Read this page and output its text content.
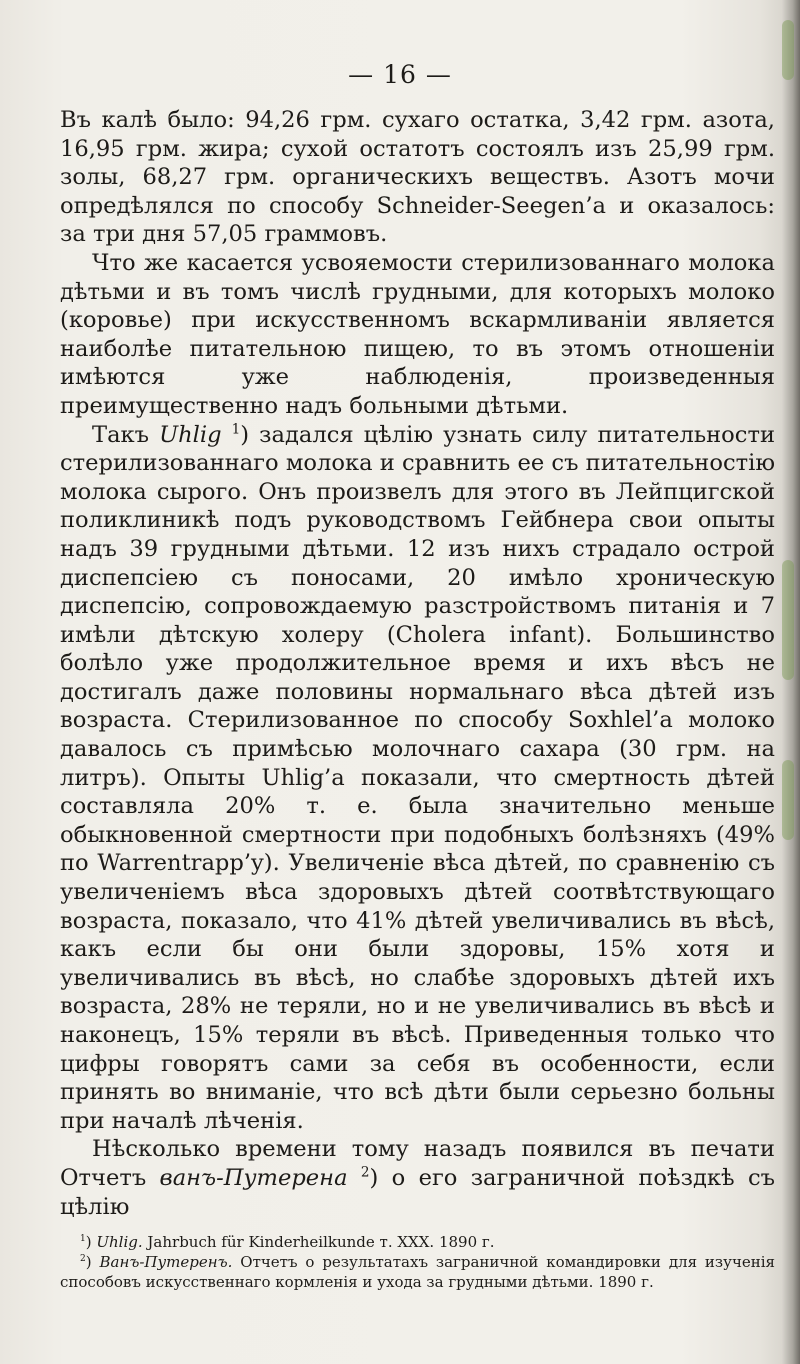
— 16 —

Въ калѣ было: 94,26 грм. сухаго остатка, 3,42 грм. азота, 16,95 грм. жира; сухой остатотъ состоялъ изъ 25,99 грм. золы, 68,27 грм. органическихъ веществъ. Азотъ мочи опредѣлялся по способу Schneider-Seegen’a и оказалось: за три дня 57,05 граммовъ.

Что же касается усвояемости стерилизованнаго молока дѣтьми и въ томъ числѣ грудными, для которыхъ молоко (коровье) при искусственномъ вскармливаніи является наиболѣе питательною пищею, то въ этомъ отношеніи имѣются уже наблюденія, произведенныя преимущественно надъ больными дѣтьми.

Такъ Uhlig $^1$) задался цѣлію узнать силу питательности стерилизованнаго молока и сравнить ее съ питательностію молока сырого. Онъ произвелъ для этого въ Лейпцигской поликлиникѣ подъ руководствомъ Гейбнера свои опыты надъ 39 грудными дѣтьми. 12 изъ нихъ страдало острой диспепсіею съ поносами, 20 имѣло хроническую диспепсію, сопровождаемую разстройствомъ питанія и 7 имѣли дѣтскую холеру (Cholera infant). Большинство болѣло уже продолжительное время и ихъ вѣсъ не достигалъ даже половины нормальнаго вѣса дѣтей изъ возраста. Стерилизованное по способу Soxhlel’a молоко давалось съ примѣсью молочнаго сахара (30 грм. на литръ). Опыты Uhlig’a показали, что смертность дѣтей составляла 20% т. е. была значительно меньше обыкновенной смертности при подобныхъ болѣзняхъ (49% по Warrentrapp’y). Увеличеніе вѣса дѣтей, по сравненію съ увеличеніемъ вѣса здоровыхъ дѣтей соотвѣтствующаго возраста, показало, что 41% дѣтей увеличивались въ вѣсѣ, какъ если бы они были здоровы, 15% хотя и увеличивались въ вѣсѣ, но слабѣе здоровыхъ дѣтей ихъ возраста, 28% не теряли, но и не увеличивались въ вѣсѣ и наконецъ, 15% теряли въ вѣсѣ. Приведенныя только что цифры говорятъ сами за себя въ особенности, если принять во вниманіе, что всѣ дѣти были серьезно больны при началѣ лѣченія.

Нѣсколько времени тому назадъ появился въ печати Отчетъ ванъ-Путерена $^2$) о его заграничной поѣздкѣ съ цѣлію

$^1$) Uhlig. Jahrbuch für Kinderheilkunde т. XXX. 1890 г.

$^2$) Ванъ-Путеренъ. Отчетъ о результатахъ заграничной командировки для изученія способовъ искусственнаго кормленія и ухода за грудными дѣтьми. 1890 г.
